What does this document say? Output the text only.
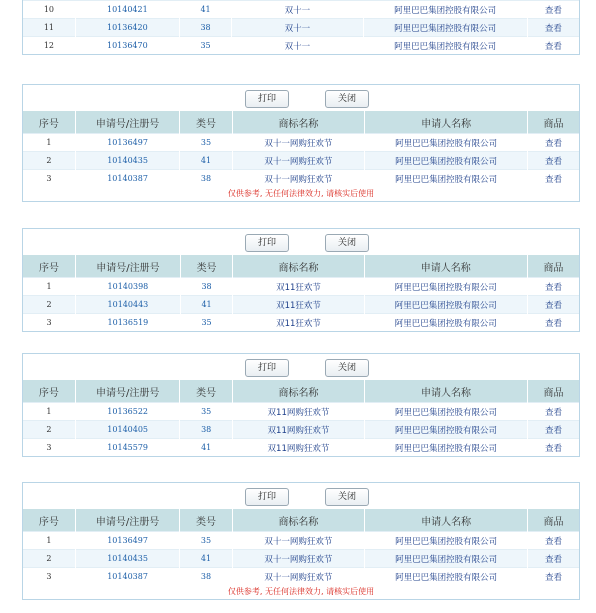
10	10140421	41	双十一	阿里巴巴集团控股有限公司	查看
11	10136420	38	双十一	阿里巴巴集团控股有限公司	查看
12	10136470	35	双十一	阿里巴巴集团控股有限公司	查看
打印	关闭
序号	申请号/注册号	类号	商标名称	申请人名称	商品
1	10136497	35	双十一网购狂欢节	阿里巴巴集团控股有限公司	查看
2	10140435	41	双十一网购狂欢节	阿里巴巴集团控股有限公司	查看
3	10140387	38	双十一网购狂欢节	阿里巴巴集团控股有限公司	查看
仅供参考, 无任何法律效力, 请核实后使用
打印	关闭
序号	申请号/注册号	类号	商标名称	申请人名称	商品
1	10140398	38	双11狂欢节	阿里巴巴集团控股有限公司	查看
2	10140443	41	双11狂欢节	阿里巴巴集团控股有限公司	查看
3	10136519	35	双11狂欢节	阿里巴巴集团控股有限公司	查看
打印	关闭
序号	申请号/注册号	类号	商标名称	申请人名称	商品
1	10136522	35	双11网购狂欢节	阿里巴巴集团控股有限公司	查看
2	10140405	38	双11网购狂欢节	阿里巴巴集团控股有限公司	查看
3	10145579	41	双11网购狂欢节	阿里巴巴集团控股有限公司	查看
打印	关闭
序号	申请号/注册号	类号	商标名称	申请人名称	商品
1	10136497	35	双十一网购狂欢节	阿里巴巴集团控股有限公司	查看
2	10140435	41	双十一网购狂欢节	阿里巴巴集团控股有限公司	查看
3	10140387	38	双十一网购狂欢节	阿里巴巴集团控股有限公司	查看
仅供参考, 无任何法律效力, 请核实后使用
